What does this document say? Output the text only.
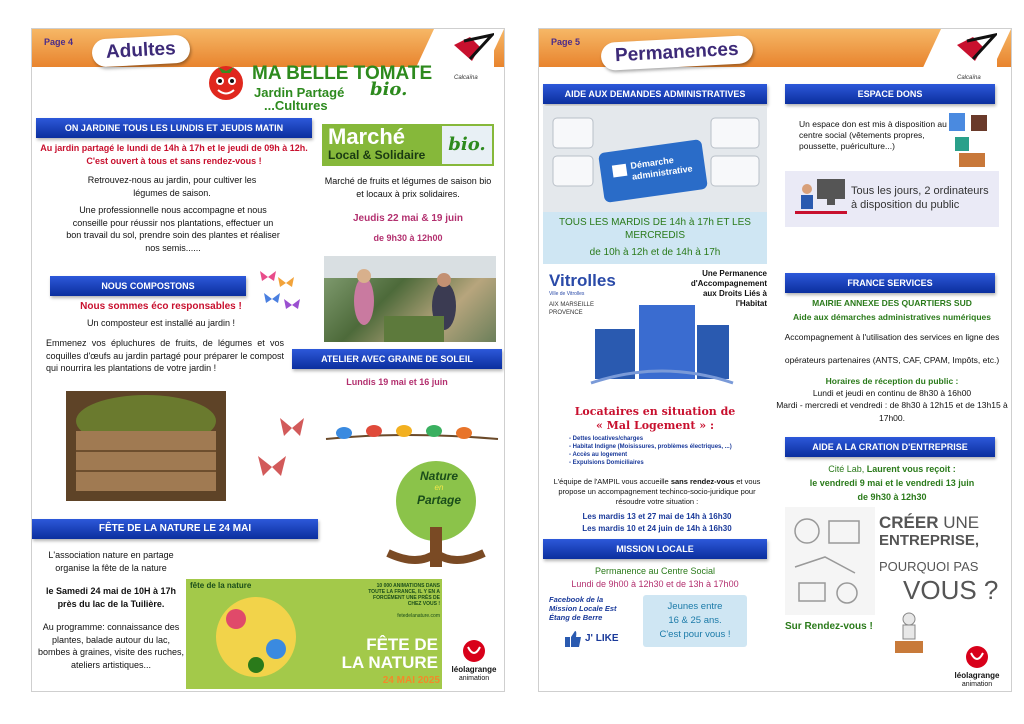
Page 4	Adultes
Calcaïna
MA BELLE TOMATE
Jardin Partagé bio.
...Cultures
ON JARDINE TOUS LES LUNDIS ET JEUDIS MATIN
Au jardin partagé le lundi de 14h à 17h et le jeudi de 09h à 12h.
C'est ouvert à tous et sans rendez-vous !
Retrouvez-nous au jardin, pour cultiver les légumes de saison.
Une professionnelle nous accompagne et nous conseille pour réussir nos plantations, effectuer un bon travail du sol, prendre soin des plantes et réaliser nos semis......
Marché
Local & Solidaire	bio.
Marché de fruits et légumes de saison bio et locaux à prix solidaires.
Jeudis 22 mai & 19 juin
de 9h30 à 12h00
NOUS COMPOSTONS
Nous sommes éco responsables !
Un composteur est installé au jardin !
Emmenez vos épluchures de fruits, de légumes et vos coquilles d'œufs au jardin partagé pour préparer le compost qui nourrira les plantations de votre jardin !
ATELIER AVEC GRAINE DE SOLEIL
Lundis 19 mai et 16 juin
Nature
en
Partage
FÊTE DE LA NATURE LE 24 MAI
L'association nature en partage organise la fête de la nature
le Samedi 24 mai de 10H à 17h près du lac de la Tuilière.
Au programme: connaissance des plantes, balade autour du lac, bombes à graines, visite des ruches, ateliers artistiques...
fête de la nature	10 000 ANIMATIONS DANS TOUTE LA FRANCE, IL Y EN A FORCÉMENT UNE PRÈS DE CHEZ VOUS !
fetedelanature.com
FÊTE DE
LA NATURE
24 MAI 2025
léolagrange
animation
Page 5	Permanences
Calcaïna
AIDE AUX DEMANDES ADMINISTRATIVES
Démarche administrative
TOUS LES MARDIS DE 14h à 17h ET LES MERCREDIS
de 10h à 12h et de 14h à 17h
ESPACE DONS
Un espace don est mis à disposition au centre social (vêtements propres, poussette, puériculture...)
Tous les jours, 2 ordinateurs à disposition du public
Vitrolles
Ville de Vitrolles
AIX MARSEILLE PROVENCE
Une Permanence d'Accompagnement aux Droits Liés à l'Habitat
Locataires en situation de
« Mal Logement » :
- Dettes locatives/charges
- Habitat Indigne (Moisissures, problèmes électriques, ...)
- Accès au logement
- Expulsions Domiciliaires
L'équipe de l'AMPIL vous accueille sans rendez-vous et vous propose un accompagnement techinco-socio-juridique pour résoudre votre situation :
Les mardis 13 et 27 mai de 14h à 16h30
Les mardis 10 et 24 juin de 14h à 16h30
FRANCE SERVICES
MAIRIE ANNEXE DES QUARTIERS SUD
Aide aux démarches administratives numériques
Accompagnement à l'utilisation des services en ligne des
opérateurs partenaires (ANTS, CAF, CPAM, Impôts, etc.)
Horaires de réception du public :
Lundi et jeudi en continu de 8h30 à 16h00
Mardi - mercredi et vendredi : de 8h30 à 12h15 et de 13h15 à 17h00.
AIDE A LA CRATION D'ENTREPRISE
Cité Lab, Laurent vous reçoit :
le vendredi 9 mai et le vendredi 13 juin
de 9h30 à 12h30
CRÉER UNE
ENTREPRISE,
POURQUOI PAS
VOUS ?
Sur Rendez-vous !
MISSION LOCALE
Permanence au Centre Social
Lundi de 9h00 à 12h30 et de 13h à 17h00
Facebook de la Mission Locale Est Étang de Berre
J' LIKE
Jeunes entre
16 & 25 ans.
C'est pour vous !
léolagrange
animation
